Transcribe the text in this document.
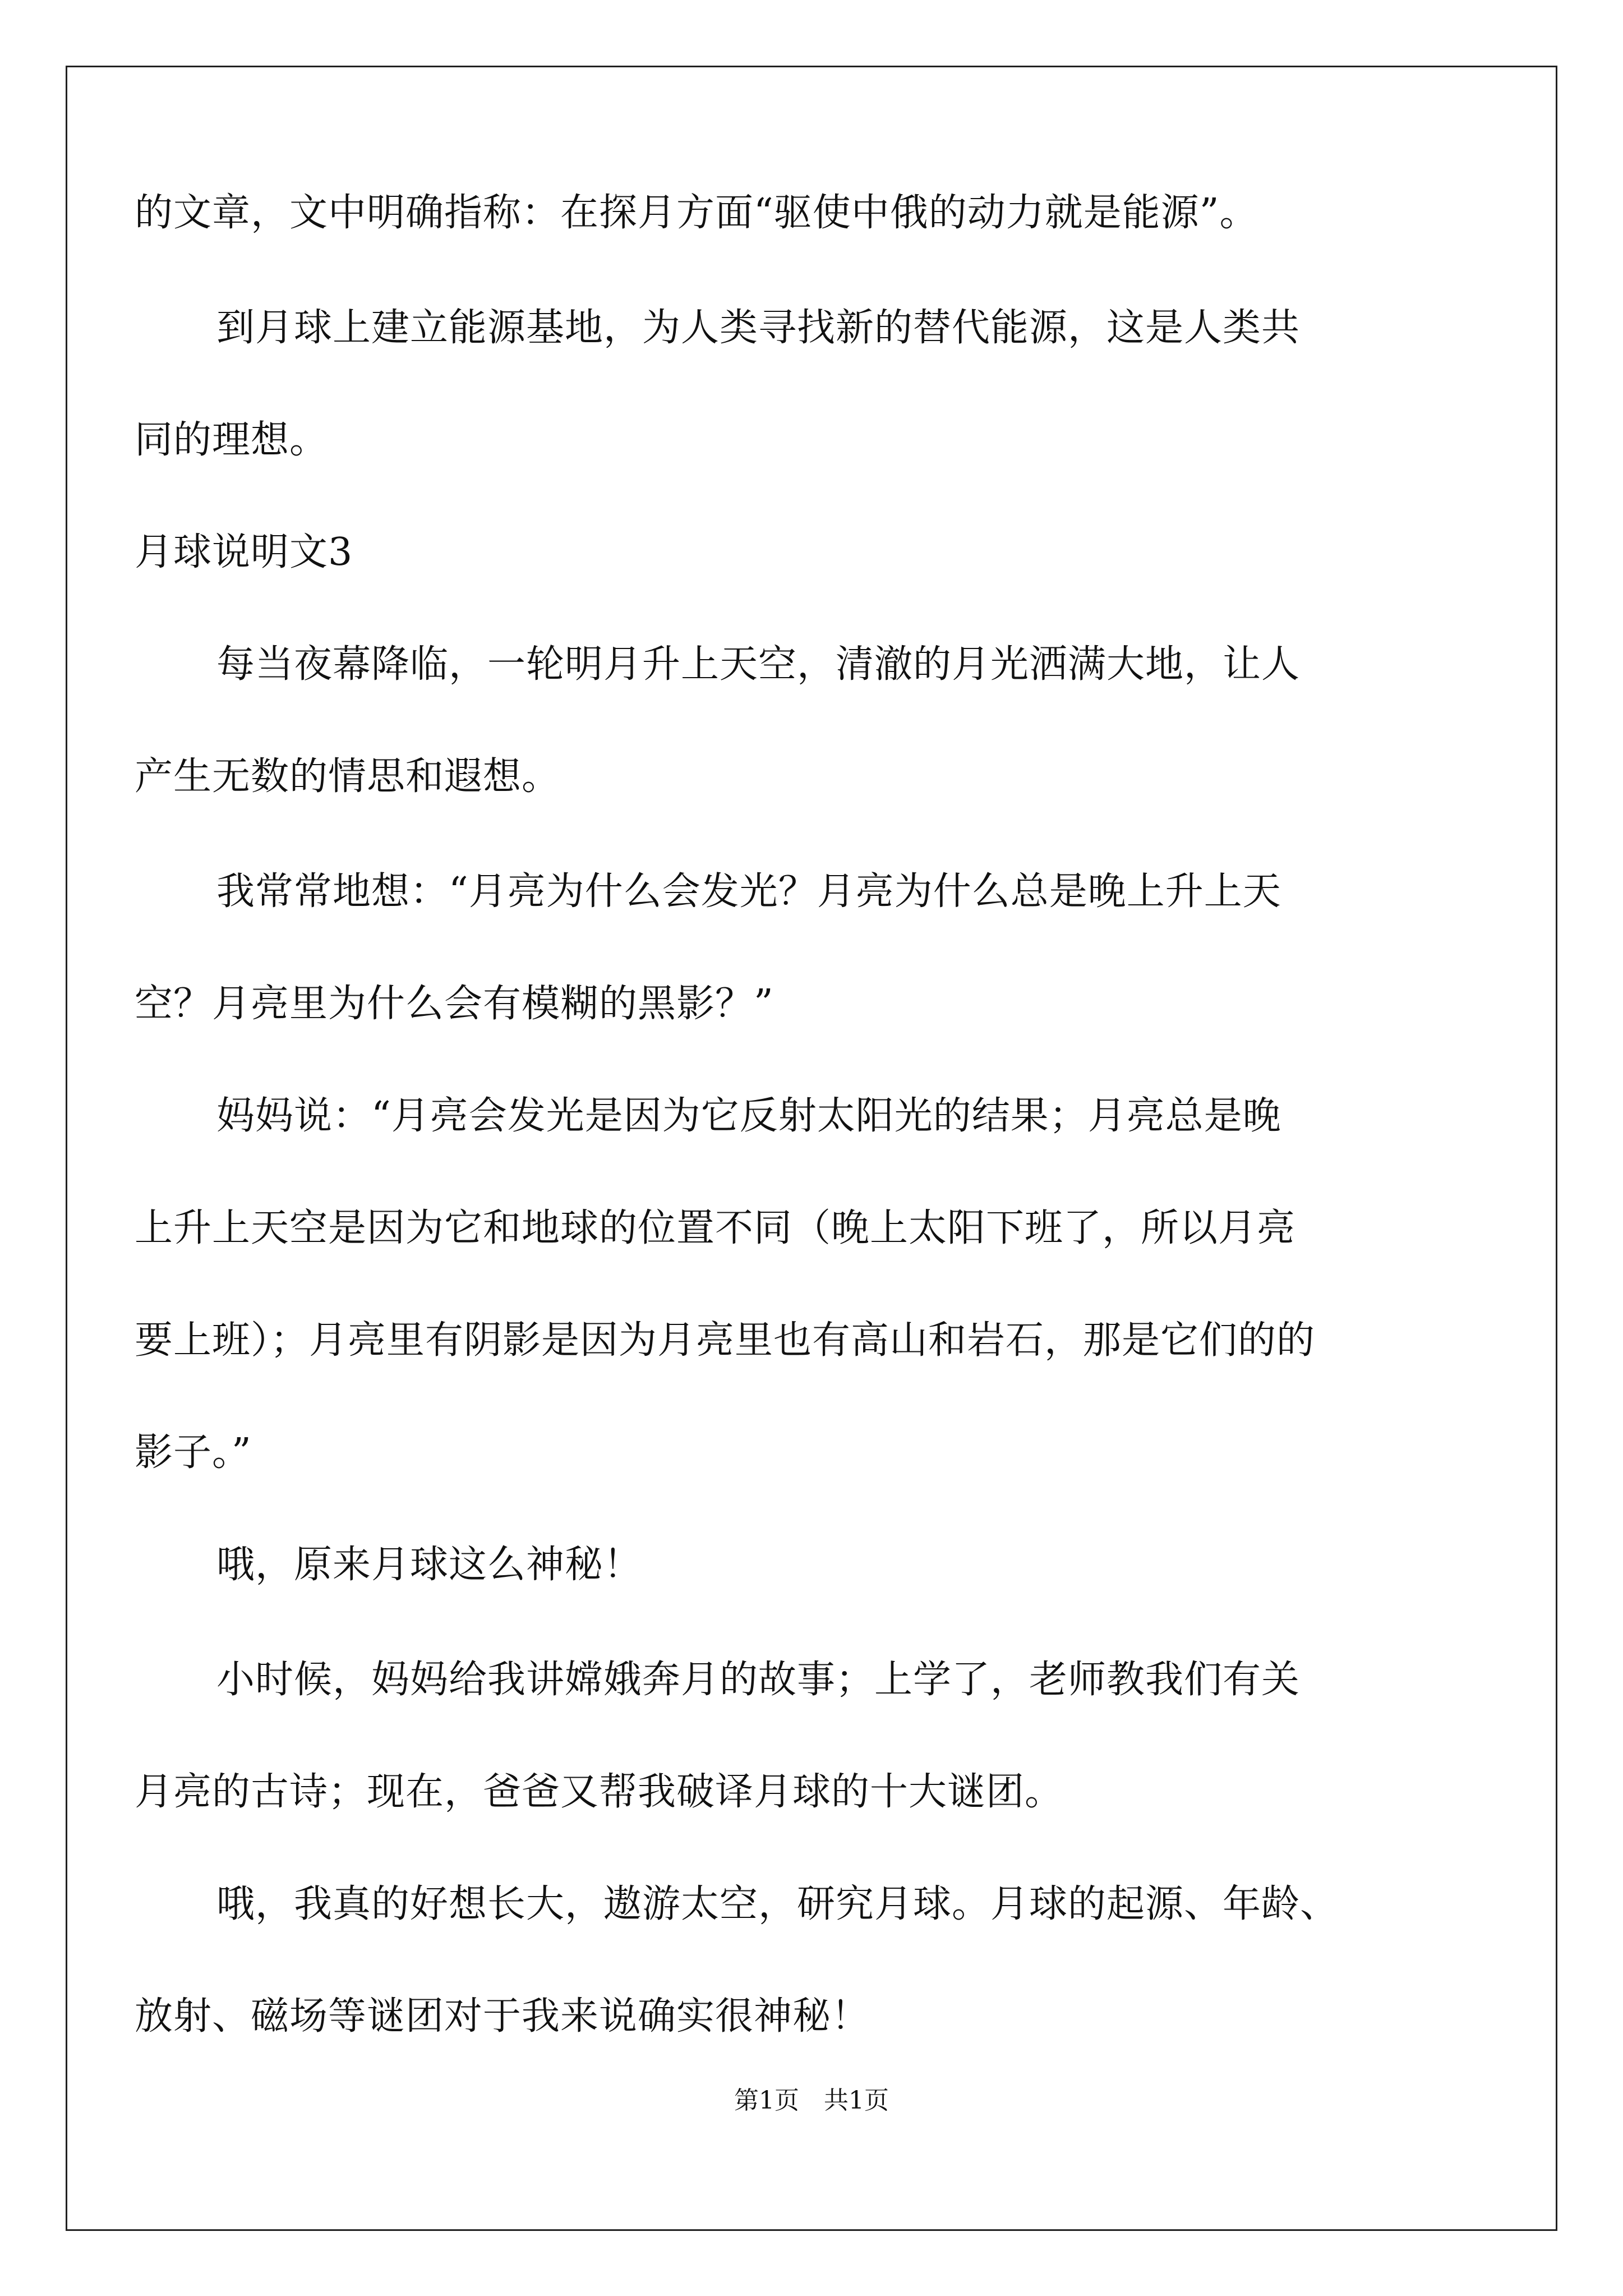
的文章，文中明确指称：在探月方面“驱使中俄的动力就是能源”。
到月球上建立能源基地，为人类寻找新的替代能源，这是人类共
同的理想。
月球说明文3
每当夜幕降临，一轮明月升上天空，清澈的月光洒满大地，让人
产生无数的情思和遐想。
我常常地想：“月亮为什么会发光？月亮为什么总是晚上升上天
空？月亮里为什么会有模糊的黑影？”
妈妈说：“月亮会发光是因为它反射太阳光的结果；月亮总是晚
上升上天空是因为它和地球的位置不同（晚上太阳下班了，所以月亮
要上班）；月亮里有阴影是因为月亮里也有高山和岩石，那是它们的的
影子。”
哦，原来月球这么神秘！
小时候，妈妈给我讲嫦娥奔月的故事；上学了，老师教我们有关
月亮的古诗；现在，爸爸又帮我破译月球的十大谜团。
哦，我真的好想长大，遨游太空，研究月球。月球的起源、年龄、
放射、磁场等谜团对于我来说确实很神秘！
第1页　共1页
